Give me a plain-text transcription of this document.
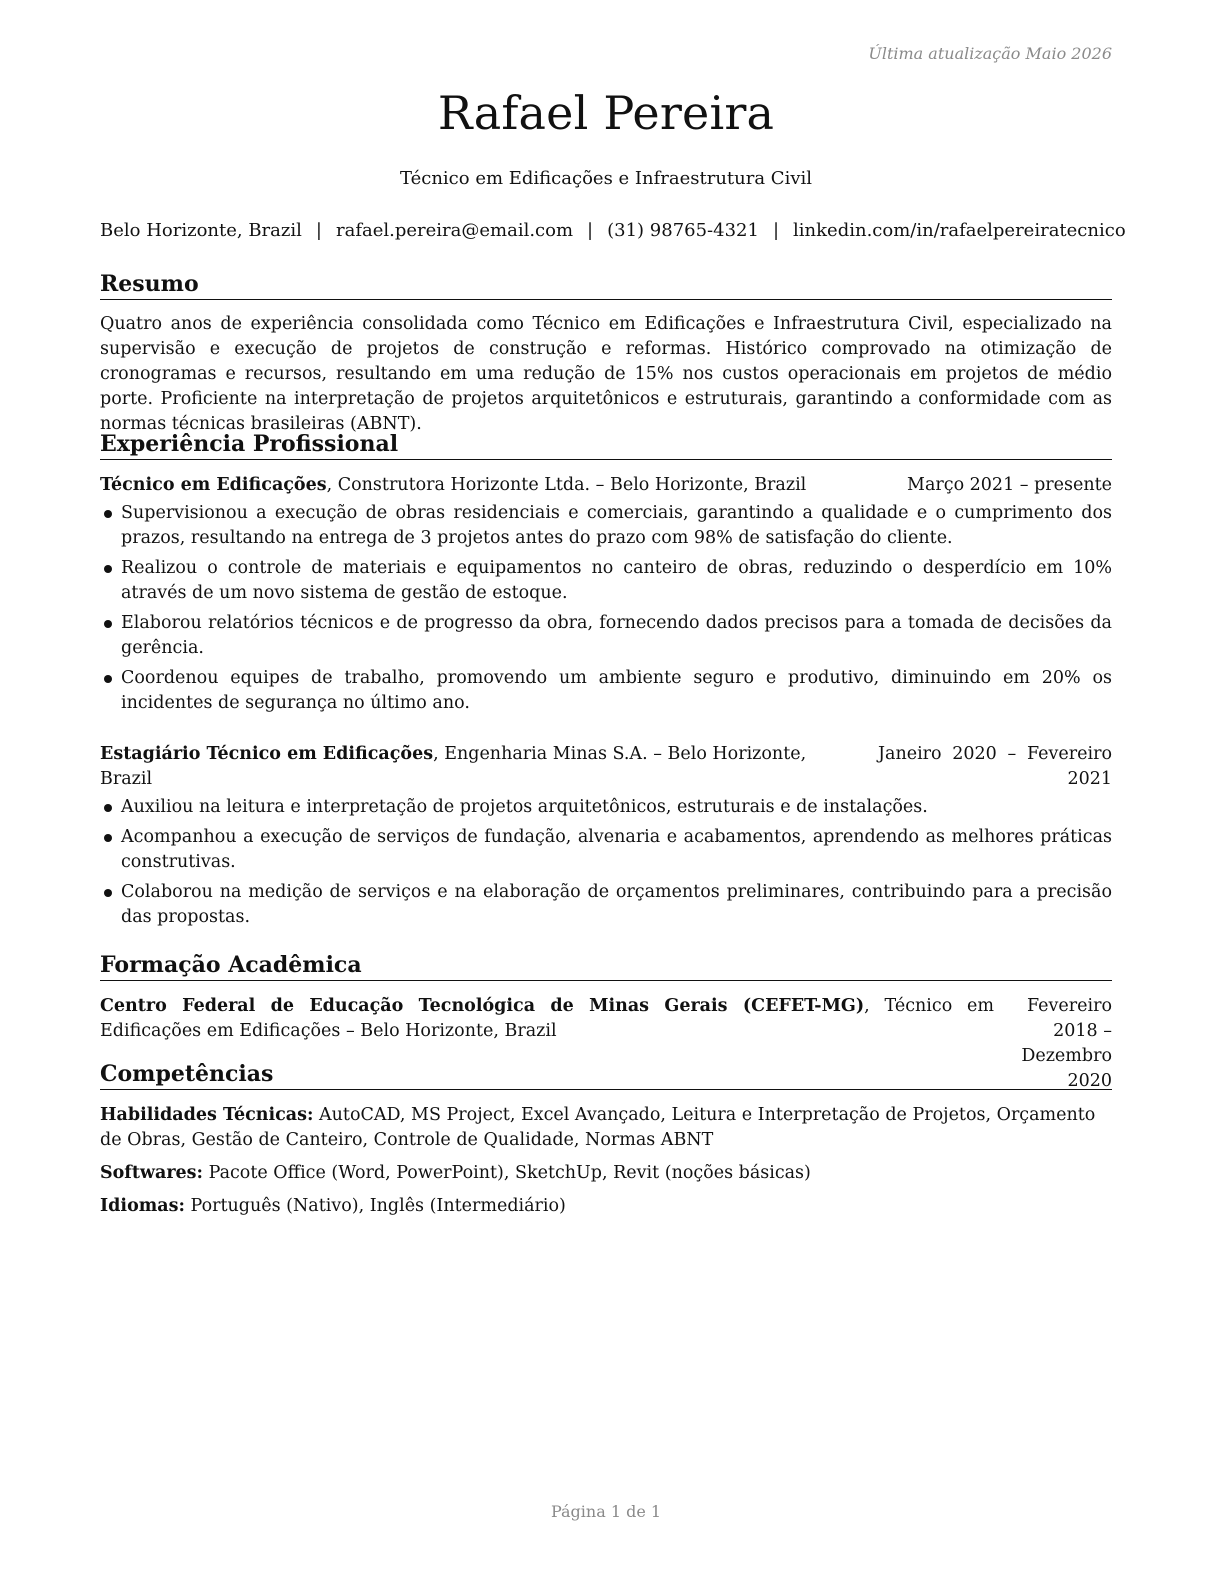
Última atualização Maio 2026
Rafael Pereira
Técnico em Edificações e Infraestrutura Civil
Belo Horizonte, Brazil | rafael.pereira@email.com | (31) 98765-4321 | linkedin.com/in/rafaelpereiratecnico
Resumo

Quatro anos de experiência consolidada como Técnico em Edificações e Infraestrutura Civil, especializado na supervisão e execução de projetos de construção e reformas. Histórico comprovado na otimização de cronogramas e recursos, resultando em uma redução de 15% nos custos operacionais em projetos de médio porte. Proficiente na interpretação de projetos arquitetônicos e estruturais, garantindo a conformidade com as normas técnicas brasileiras (ABNT).

Experiência Profissional
Técnico em Edificações, Construtora Horizonte Ltda. – Belo Horizonte, Brazil	Março 2021 – presente
Supervisionou a execução de obras residenciais e comerciais, garantindo a qualidade e o cumprimento dos prazos, resultando na entrega de 3 projetos antes do prazo com 98% de satisfação do cliente.
Realizou o controle de materiais e equipamentos no canteiro de obras, reduzindo o desperdício em 10% através de um novo sistema de gestão de estoque.
Elaborou relatórios técnicos e de progresso da obra, fornecendo dados precisos para a tomada de decisões da gerência.
Coordenou equipes de trabalho, promovendo um ambiente seguro e produtivo, diminuindo em 20% os incidentes de segurança no último ano.
Estagiário Técnico em Edificações, Engenharia Minas S.A. – Belo Horizonte, Brazil
Janeiro 2020 – Fevereiro 2021
Auxiliou na leitura e interpretação de projetos arquitetônicos, estruturais e de instalações.
Acompanhou a execução de serviços de fundação, alvenaria e acabamentos, aprendendo as melhores práticas construtivas.
Colaborou na medição de serviços e na elaboração de orçamentos preliminares, contribuindo para a precisão das propostas.
Formação Acadêmica
Centro Federal de Educação Tecnológica de Minas Gerais (CEFET-MG), Técnico em Edificações em Edificações – Belo Horizonte, Brazil
Fevereiro 2018 – Dezembro 2020
Competências
Habilidades Técnicas: AutoCAD, MS Project, Excel Avançado, Leitura e Interpretação de Projetos, Orçamento de Obras, Gestão de Canteiro, Controle de Qualidade, Normas ABNT
Softwares: Pacote Office (Word, PowerPoint), SketchUp, Revit (noções básicas)
Idiomas: Português (Nativo), Inglês (Intermediário)
Página 1 de 1
